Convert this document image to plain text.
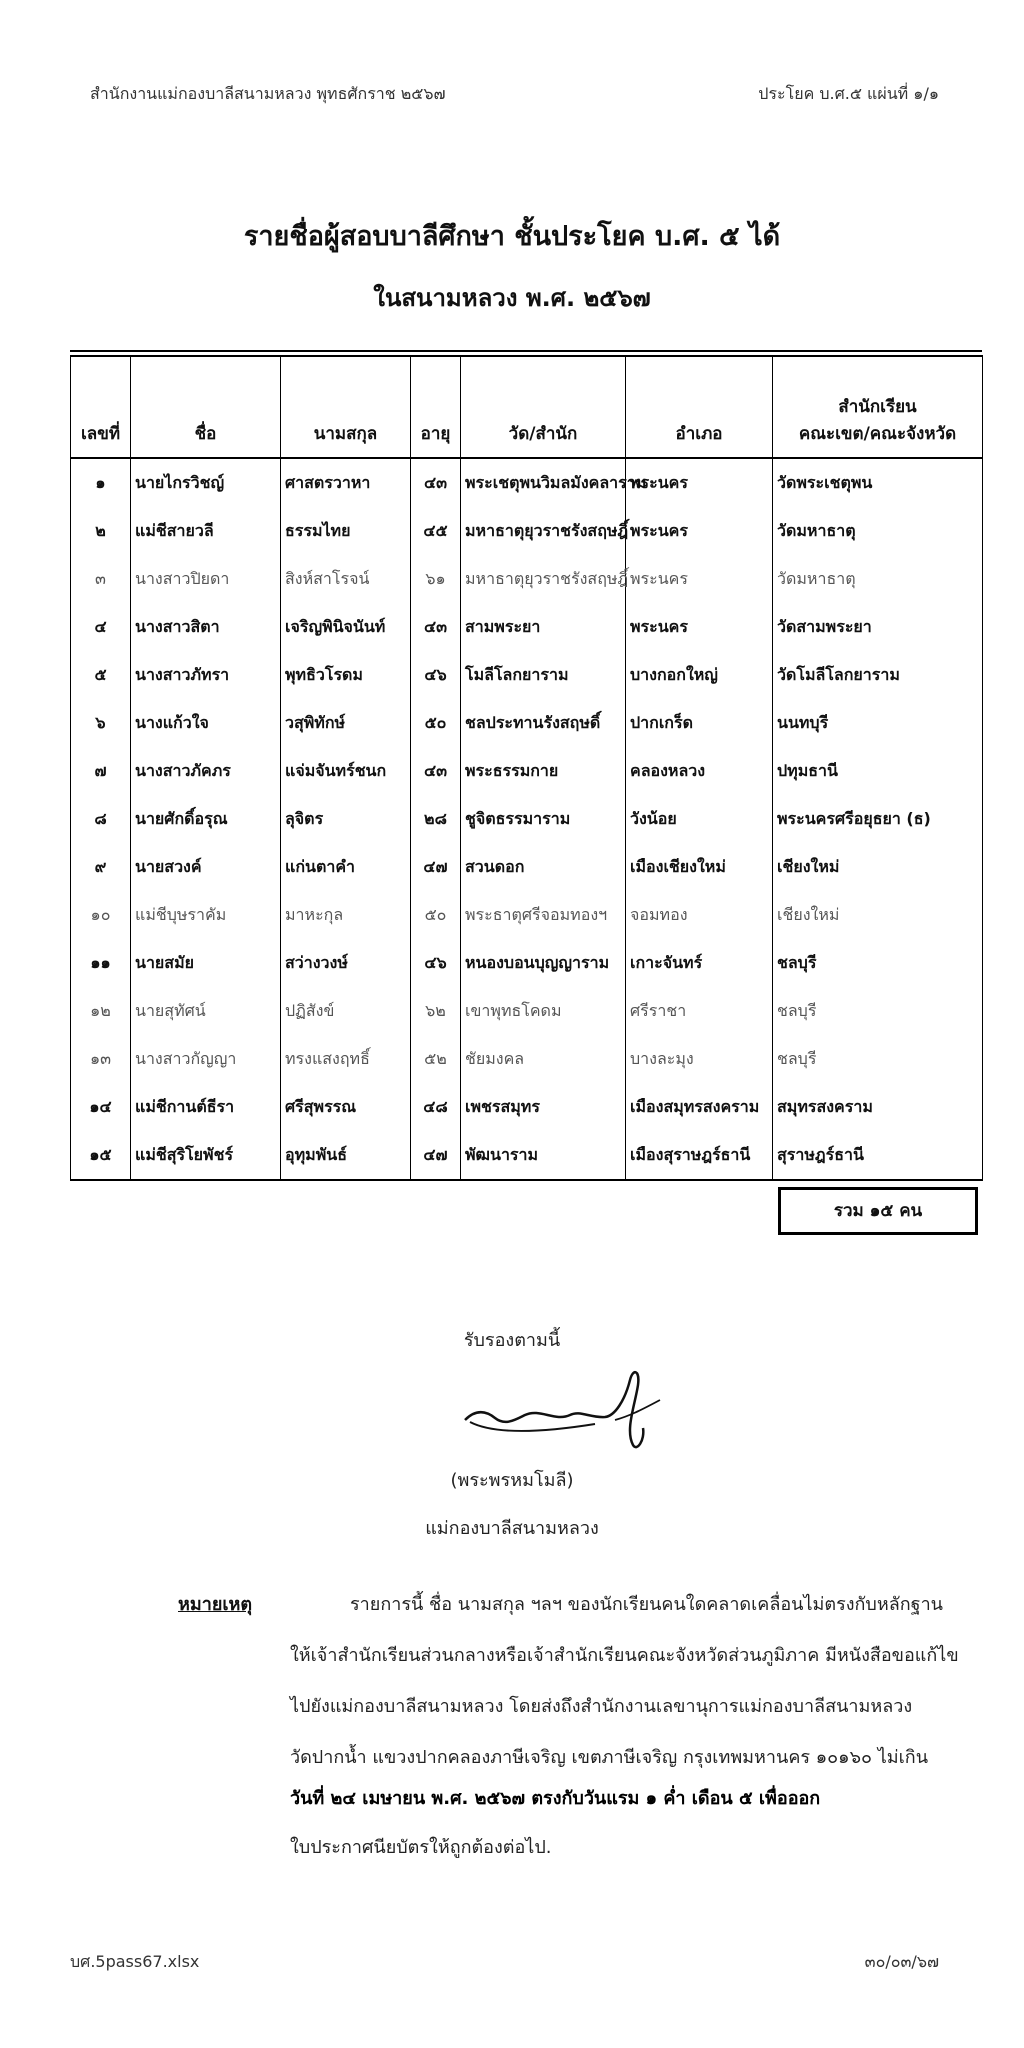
สำนักงานแม่กองบาลีสนามหลวง พุทธศักราช ๒๕๖๗	ประโยค บ.ศ.๕ แผ่นที่ ๑/๑
รายชื่อผู้สอบบาลีศึกษา ชั้นประโยค บ.ศ. ๕ ได้
ในสนามหลวง พ.ศ. ๒๕๖๗
เลขที่	ชื่อ	นามสกุล	อายุ	วัด/สำนัก	อำเภอ	สำนักเรียน
คณะเขต/คณะจังหวัด
๑	นายไกรวิชญ์	ศาสตรวาหา	๔๓	พระเชตุพนวิมลมังคลาราม	พระนคร	วัดพระเชตุพน
๒	แม่ชีสายวลี	ธรรมไทย	๔๕	มหาธาตุยุวราชรังสฤษฎิ์	พระนคร	วัดมหาธาตุ
๓	นางสาวปิยดา	สิงห์สาโรจน์	๖๑	มหาธาตุยุวราชรังสฤษฎิ์	พระนคร	วัดมหาธาตุ
๔	นางสาวสิตา	เจริญพินิจนันท์	๔๓	สามพระยา	พระนคร	วัดสามพระยา
๕	นางสาวภัทรา	พุทธิวโรดม	๔๖	โมลีโลกยาราม	บางกอกใหญ่	วัดโมลีโลกยาราม
๖	นางแก้วใจ	วสุพิทักษ์	๕๐	ชลประทานรังสฤษดิ์	ปากเกร็ด	นนทบุรี
๗	นางสาวภัคภร	แจ่มจันทร์ชนก	๔๓	พระธรรมกาย	คลองหลวง	ปทุมธานี
๘	นายศักดิ์อรุณ	ลุจิตร	๒๘	ชูจิตธรรมาราม	วังน้อย	พระนครศรีอยุธยา (ธ)
๙	นายสวงค์	แก่นตาคำ	๔๗	สวนดอก	เมืองเชียงใหม่	เชียงใหม่
๑๐	แม่ชีบุษราคัม	มาหะกุล	๕๐	พระธาตุศรีจอมทองฯ	จอมทอง	เชียงใหม่
๑๑	นายสมัย	สว่างวงษ์	๔๖	หนองบอนบุญญาราม	เกาะจันทร์	ชลบุรี
๑๒	นายสุทัศน์	ปฏิสังข์	๖๒	เขาพุทธโคดม	ศรีราชา	ชลบุรี
๑๓	นางสาวกัญญา	ทรงแสงฤทธิ์	๕๒	ชัยมงคล	บางละมุง	ชลบุรี
๑๔	แม่ชีกานต์ธีรา	ศรีสุพรรณ	๔๘	เพชรสมุทร	เมืองสมุทรสงคราม	สมุทรสงคราม
๑๕	แม่ชีสุริโยพัชร์	อุทุมพันธ์	๔๗	พัฒนาราม	เมืองสุราษฎร์ธานี	สุราษฎร์ธานี
รวม ๑๕ คน
รับรองตามนี้
(พระพรหมโมลี)
แม่กองบาลีสนามหลวง
หมายเหตุ	รายการนี้ ชื่อ นามสกุล ฯลฯ ของนักเรียนคนใดคลาดเคลื่อนไม่ตรงกับหลักฐาน
ให้เจ้าสำนักเรียนส่วนกลางหรือเจ้าสำนักเรียนคณะจังหวัดส่วนภูมิภาค มีหนังสือขอแก้ไข
ไปยังแม่กองบาลีสนามหลวง โดยส่งถึงสำนักงานเลขานุการแม่กองบาลีสนามหลวง
วัดปากน้ำ แขวงปากคลองภาษีเจริญ เขตภาษีเจริญ กรุงเทพมหานคร ๑๐๑๖๐ ไม่เกิน
วันที่ ๒๔ เมษายน พ.ศ. ๒๕๖๗ ตรงกับวันแรม ๑ ค่ำ เดือน ๕ เพื่อออก
ใบประกาศนียบัตรให้ถูกต้องต่อไป.
บศ.5pass67.xlsx	๓๐/๐๓/๖๗
